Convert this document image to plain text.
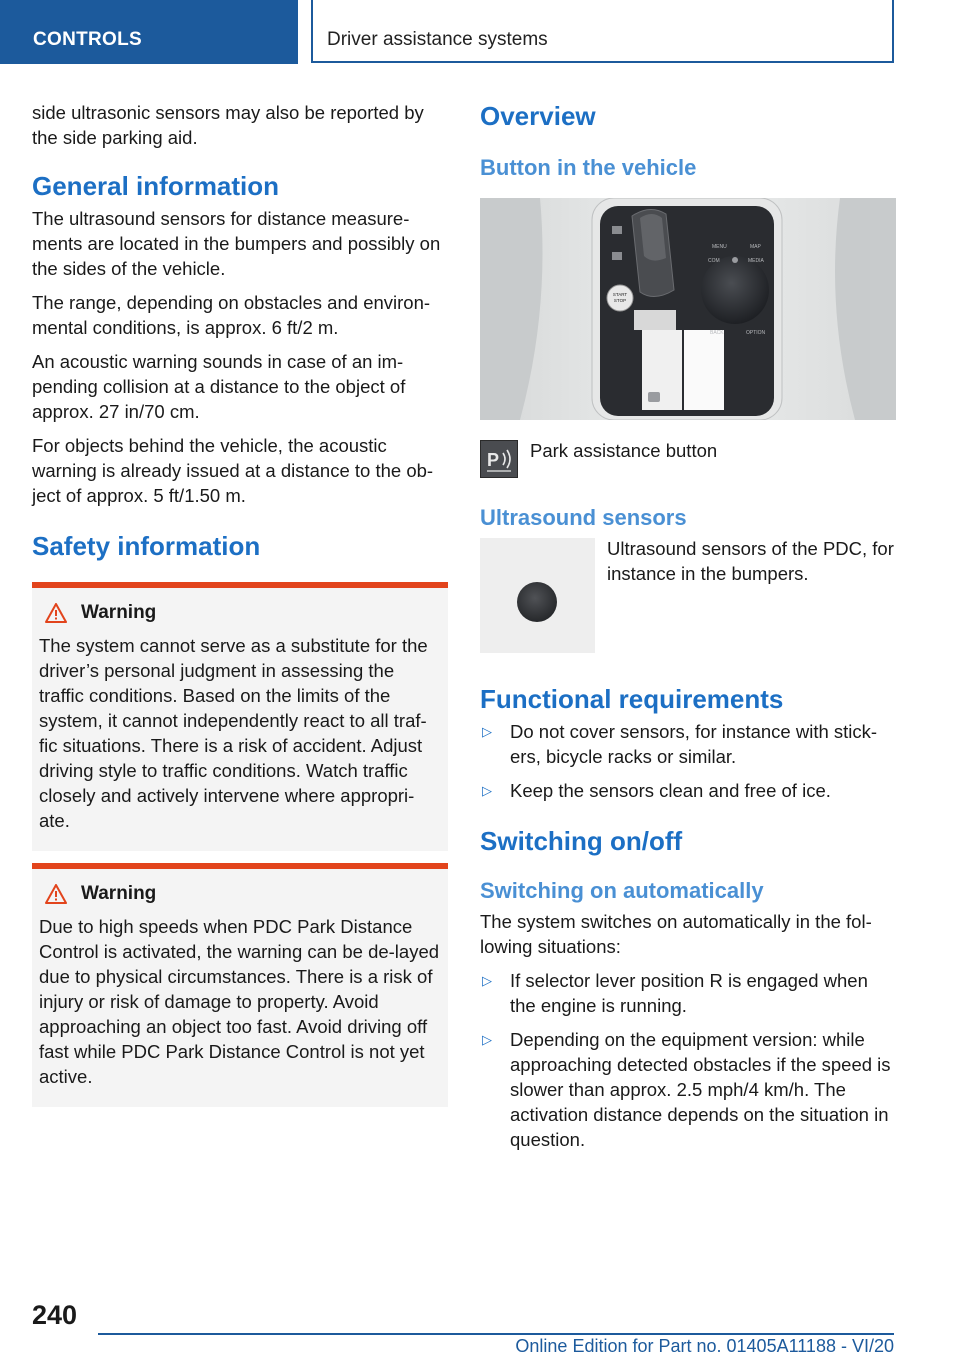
CONTROLS	Driver assistance systems

side ultrasonic sensors may also be reported by the side parking aid.

General information

The ultrasound sensors for distance measure-ments are located in the bumpers and possibly on the sides of the vehicle.

The range, depending on obstacles and environ-mental conditions, is approx. 6 ft/2 m.

An acoustic warning sounds in case of an im-pending collision at a distance to the object of approx. 27 in/70 cm.

For objects behind the vehicle, the acoustic warning is already issued at a distance to the ob-ject of approx. 5 ft/1.50 m.

Safety information
Warning

The system cannot serve as a substitute for the driver’s personal judgment in assessing the traffic conditions. Based on the limits of the system, it cannot independently react to all traf-fic situations. There is a risk of accident. Adjust driving style to traffic conditions. Watch traffic closely and actively intervene where appropri-ate.

Warning

Due to high speeds when PDC Park Distance Control is activated, the warning can be de-layed due to physical circumstances. There is a risk of injury or risk of damage to property. Avoid approaching an object too fast. Avoid driving off fast while PDC Park Distance Control is not yet active.

Overview
Button in the vehicle
START
STOP
MENU	MAP
COM	MEDIA
BACK	OPTION
P Park assistance button

Ultrasound sensors

Ultrasound sensors of the PDC, for instance in the bumpers.

Functional requirements
▷ Do not cover sensors, for instance with stick-ers, bicycle racks or similar.
▷ Keep the sensors clean and free of ice.
Switching on/off
Switching on automatically

The system switches on automatically in the fol-lowing situations:

▷ If selector lever position R is engaged when the engine is running.
▷ Depending on the equipment version: while approaching detected obstacles if the speed is slower than approx. 2.5 mph/4 km/h. The activation distance depends on the situation in question.
240
Online Edition for Part no. 01405A11188 - VI/20
